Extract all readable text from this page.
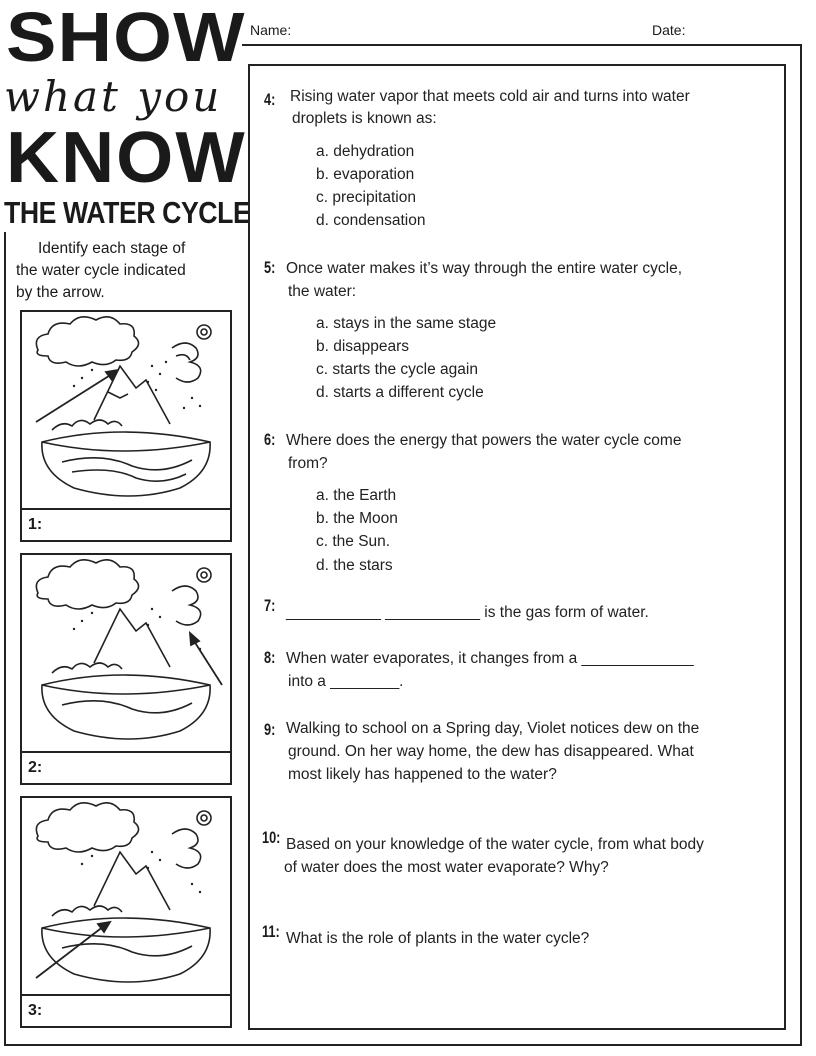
SHOW
what you
KNOW
THE WATER CYCLE
Name:	Date:
Identify each stage of
the water cycle indicated
by the arrow.
1:
2:
3:
4: Rising water vapor that meets cold air and turns into water
droplets is known as:
a. dehydration
b. evaporation
c. precipitation
d. condensation
5: Once water makes it’s way through the entire water cycle,
the water:
a. stays in the same stage
b. disappears
c. starts the cycle again
d. starts a different cycle
6: Where does the energy that powers the water cycle come
from?
a. the Earth
b. the Moon
c. the Sun.
d. the stars
7: ___________ ___________ is the gas form of water.
8: When water evaporates, it changes from a _____________
into a ________.
9: Walking to school on a Spring day, Violet notices dew on the
ground. On her way home, the dew has disappeared. What
most likely has happened to the water?
10: Based on your knowledge of the water cycle, from what body
of water does the most water evaporate? Why?
11: What is the role of plants in the water cycle?
